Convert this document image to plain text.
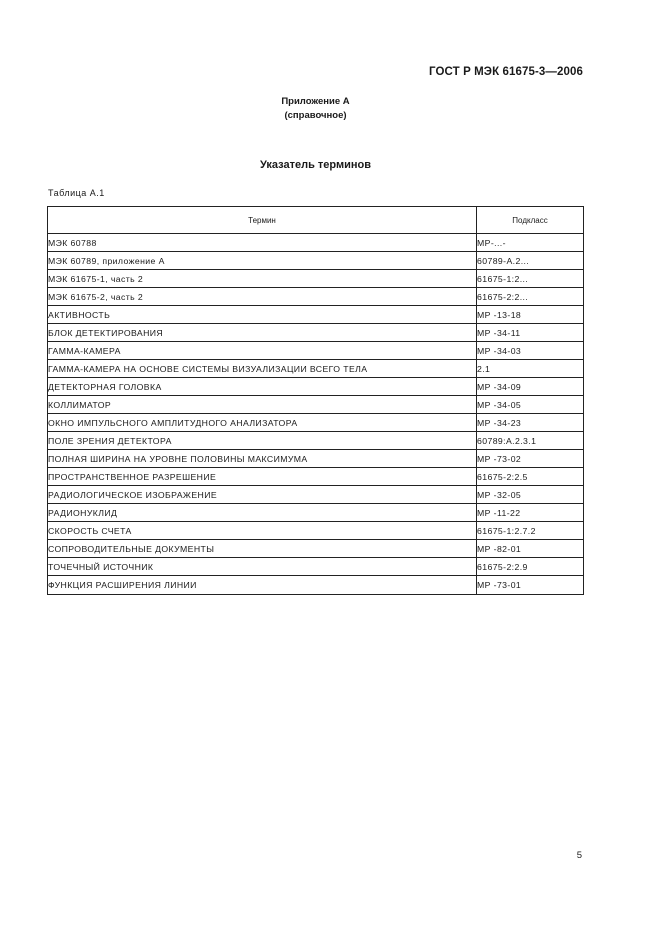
ГОСТ Р МЭК 61675-3—2006
Приложение А
(справочное)
Указатель терминов
Таблица А.1
Термин	Подкласс
МЭК 60788	МР-...-
МЭК 60789, приложение А	60789-А.2...
МЭК 61675-1, часть 2	61675-1:2...
МЭК 61675-2, часть 2	61675-2:2...
АКТИВНОСТЬ	МР -13-18
БЛОК ДЕТЕКТИРОВАНИЯ	МР -34-11
ГАММА-КАМЕРА	МР -34-03
ГАММА-КАМЕРА НА ОСНОВЕ СИСТЕМЫ ВИЗУАЛИЗАЦИИ ВСЕГО ТЕЛА	2.1
ДЕТЕКТОРНАЯ ГОЛОВКА	МР -34-09
КОЛЛИМАТОР	МР -34-05
ОКНО ИМПУЛЬСНОГО АМПЛИТУДНОГО АНАЛИЗАТОРА	МР -34-23
ПОЛЕ ЗРЕНИЯ ДЕТЕКТОРА	60789:А.2.3.1
ПОЛНАЯ ШИРИНА НА УРОВНЕ ПОЛОВИНЫ МАКСИМУМА	МР -73-02
ПРОСТРАНСТВЕННОЕ РАЗРЕШЕНИЕ	61675-2:2.5
РАДИОЛОГИЧЕСКОЕ ИЗОБРАЖЕНИЕ	МР -32-05
РАДИОНУКЛИД	МР -11-22
СКОРОСТЬ СЧЕТА	61675-1:2.7.2
СОПРОВОДИТЕЛЬНЫЕ ДОКУМЕНТЫ	МР -82-01
ТОЧЕЧНЫЙ ИСТОЧНИК	61675-2:2.9
ФУНКЦИЯ РАСШИРЕНИЯ ЛИНИИ	МР -73-01
5
